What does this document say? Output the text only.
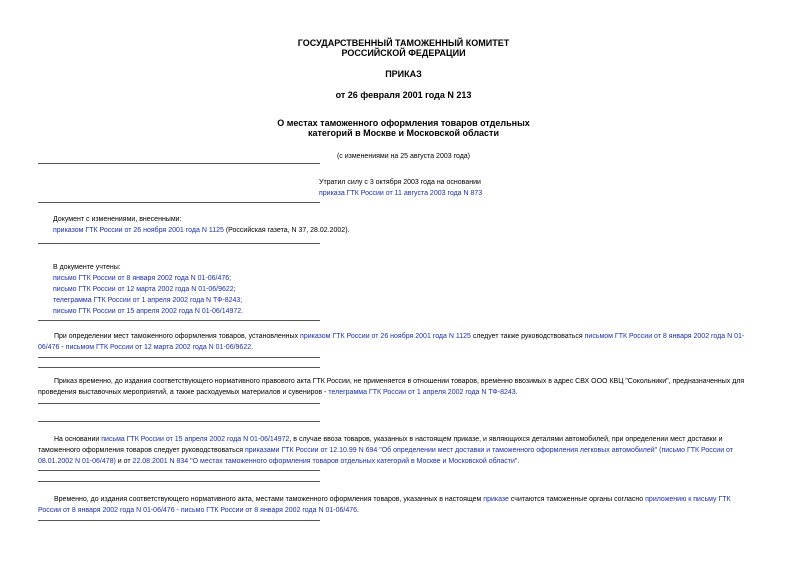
ГОСУДАРСТВЕННЫЙ ТАМОЖЕННЫЙ КОМИТЕТ
РОССИЙСКОЙ ФЕДЕРАЦИИ
ПРИКАЗ
от 26 февраля 2001 года N 213
О местах таможенного оформления товаров отдельных
категорий в Москве и Московской области
(с изменениями на 25 августа 2003 года)
Утратил силу с 3 октября 2003 года на основании
приказа ГТК России от 11 августа 2003 года N 873
Документ с изменениями, внесенными:
приказом ГТК России от 26 ноября 2001 года N 1125 (Российская газета, N 37, 28.02.2002).
В документе учтены:
письмо ГТК России от 8 января 2002 года N 01-06/476;
письмо ГТК России от 12 марта 2002 года N 01-06/9622;
телеграмма ГТК России от 1 апреля 2002 года N ТФ-8243;
письмо ГТК России от 15 апреля 2002 года N 01-06/14972.
При определении мест таможенного оформления товаров, установленных приказом ГТК России от 26 ноября 2001 года N 1125 следует также руководствоваться письмом ГТК России от 8 января 2002 года N 01-
06/476 - письмом ГТК России от 12 марта 2002 года N 01-06/9622.
Приказ временно, до издания соответствующего нормативного правового акта ГТК России, не применяется в отношении товаров, временно ввозимых в адрес СВХ ООО КВЦ "Сокольники", предназначенных для
проведения выставочных мероприятий, а также расходуемых материалов и сувениров - телеграмма ГТК России от 1 апреля 2002 года N ТФ-8243.
На основании письма ГТК России от 15 апреля 2002 года N 01-06/14972, в случае ввоза товаров, указанных в настоящем приказе, и являющихся деталями автомобилей, при определении мест доставки и
таможенного оформления товаров следует руководствоваться приказами ГТК России от 12.10.99 N 694 "Об определении мест доставки и таможенного оформления легковых автомобилей" (письмо ГТК России от
08.01.2002 N 01-06/478) и от 22.08.2001 N 834 "О местах таможенного оформления товаров отдельных категорий в Москве и Московской области".
Временно, до издания соответствующего нормативного акта, местами таможенного оформления товаров, указанных в настоящем приказе считаются таможенные органы согласно приложению к письму ГТК
России от 8 января 2002 года N 01-06/476 - письмо ГТК России от 8 января 2002 года N 01-06/476.
